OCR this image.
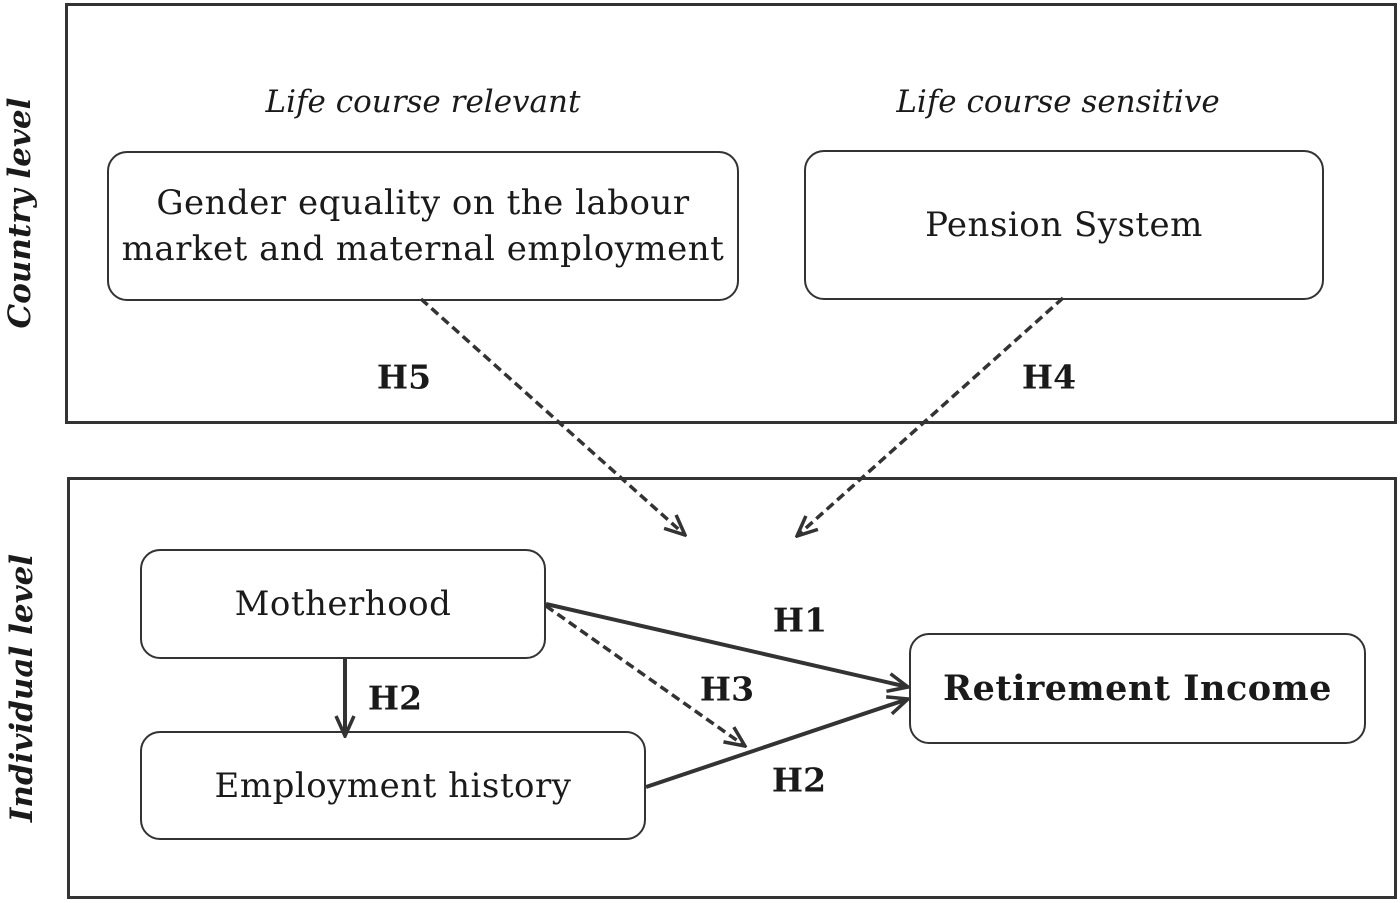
Country level
Individual level
Life course relevant	Life course sensitive
Gender equality on the labour
market and maternal employment
Pension System
Motherhood
Employment history
Retirement Income
H5	H4
H1
H3
H2
H2
